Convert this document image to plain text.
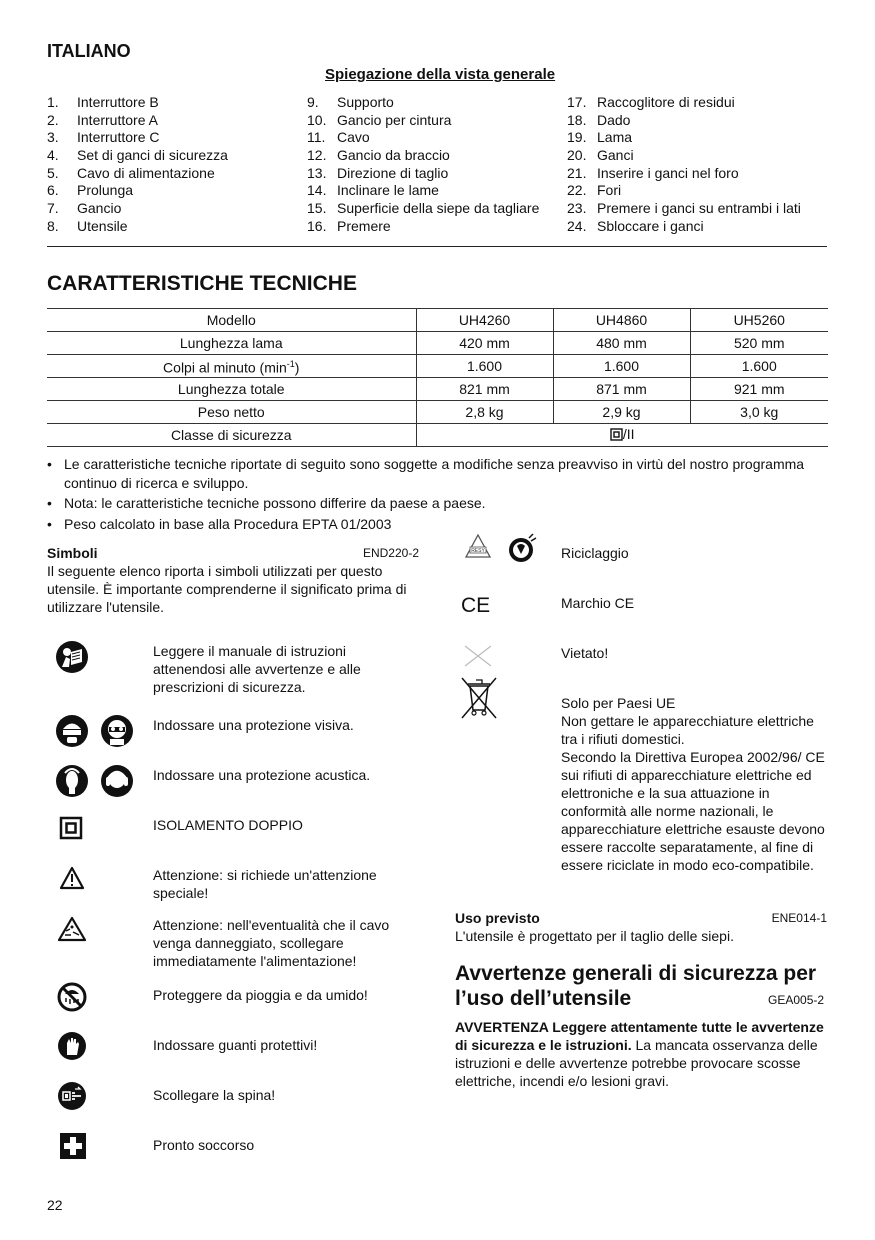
ITALIANO
Spiegazione della vista generale
1.	Interruttore B
2.	Interruttore A
3.	Interruttore C
4.	Set di ganci di sicurezza
5.	Cavo di alimentazione
6.	Prolunga
7.	Gancio
8.	Utensile
9.	Supporto
10. Gancio per cintura
11. Cavo
12. Gancio da braccio
13. Direzione di taglio
14. Inclinare le lame
15. Superficie della siepe da tagliare
16. Premere
17. Raccoglitore di residui
18. Dado
19. Lama
20. Ganci
21. Inserire i ganci nel foro
22. Fori
23. Premere i ganci su entrambi i lati
24. Sbloccare i ganci
CARATTERISTICHE TECNICHE
Modello	UH4260	UH4860	UH5260
Lunghezza lama	420 mm	480 mm	520 mm
Colpi al minuto $(\min^{-1})$	1.600	1.600	1.600
Lunghezza totale	821 mm	871 mm	921 mm
Peso netto	2,8 kg	2,9 kg	3,0 kg
Classe di sicurezza	/II		
• Le caratteristiche tecniche riportate di seguito sono soggette a modifiche senza preavviso in virtù del nostro programma continuo di ricerca e sviluppo.
• Nota: le caratteristiche tecniche possono differire da paese a paese.
• Peso calcolato in base alla Procedura EPTA 01/2003
Simboli	END220-2
Il seguente elenco riporta i simboli utilizzati per questo utensile. È importante comprenderne il significato prima di utilizzare l'utensile.
Leggere il manuale di istruzioni attenendosi alle avvertenze e alle prescrizioni di sicurezza.
Indossare una protezione visiva.
Indossare una protezione acustica.
ISOLAMENTO DOPPIO
Attenzione: si richiede un'attenzione speciale!
Attenzione: nell'eventualità che il cavo venga danneggiato, scollegare immediatamente l'alimentazione!
Proteggere da pioggia e da umido!
Indossare guanti protettivi!
Scollegare la spina!
Pronto soccorso
RESY	Riciclaggio
CE	Marchio CE
Vietato!
Solo per Paesi UE
Non gettare le apparecchiature elettriche tra i rifiuti domestici.
Secondo la Direttiva Europea 2002/96/ CE sui rifiuti di apparecchiature elettriche ed elettroniche e la sua attuazione in conformità alle norme nazionali, le apparecchiature elettriche esauste devono essere raccolte separatamente, al fine di essere riciclate in modo eco-compatibile.
Uso previsto	ENE014-1
L'utensile è progettato per il taglio delle siepi.
Avvertenze generali di sicurezza per l’uso dell’utensile	GEA005-2
AVVERTENZA Leggere attentamente tutte le avvertenze di sicurezza e le istruzioni. La mancata osservanza delle istruzioni e delle avvertenze potrebbe provocare scosse elettriche, incendi e/o lesioni gravi.
22
